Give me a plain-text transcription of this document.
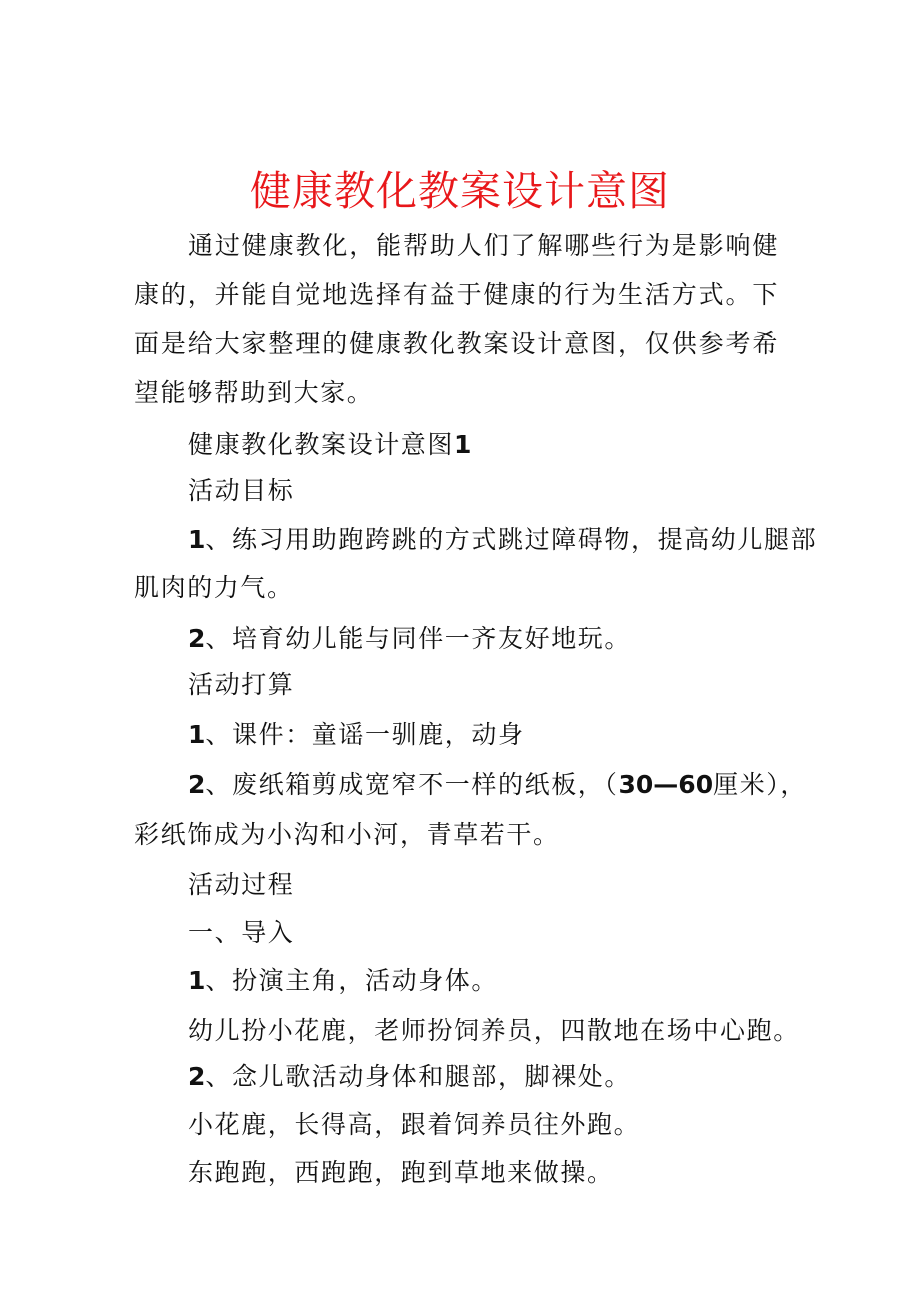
健康教化教案设计意图
通过健康教化，能帮助人们了解哪些行为是影响健康的，并能自觉地选择有益于健康的行为生活方式。下面是给大家整理的健康教化教案设计意图，仅供参考希望能够帮助到大家。
健康教化教案设计意图1
活动目标
1、练习用助跑跨跳的方式跳过障碍物，提高幼儿腿部
肌肉的力气。
2、培育幼儿能与同伴一齐友好地玩。
活动打算
1、课件：童谣一驯鹿，动身
2、废纸箱剪成宽窄不一样的纸板，（30—60厘米），
彩纸饰成为小沟和小河，青草若干。
活动过程
一、导入
1、扮演主角，活动身体。
幼儿扮小花鹿，老师扮饲养员，四散地在场中心跑。
2、念儿歌活动身体和腿部，脚裸处。
小花鹿，长得高，跟着饲养员往外跑。
东跑跑，西跑跑，跑到草地来做操。
